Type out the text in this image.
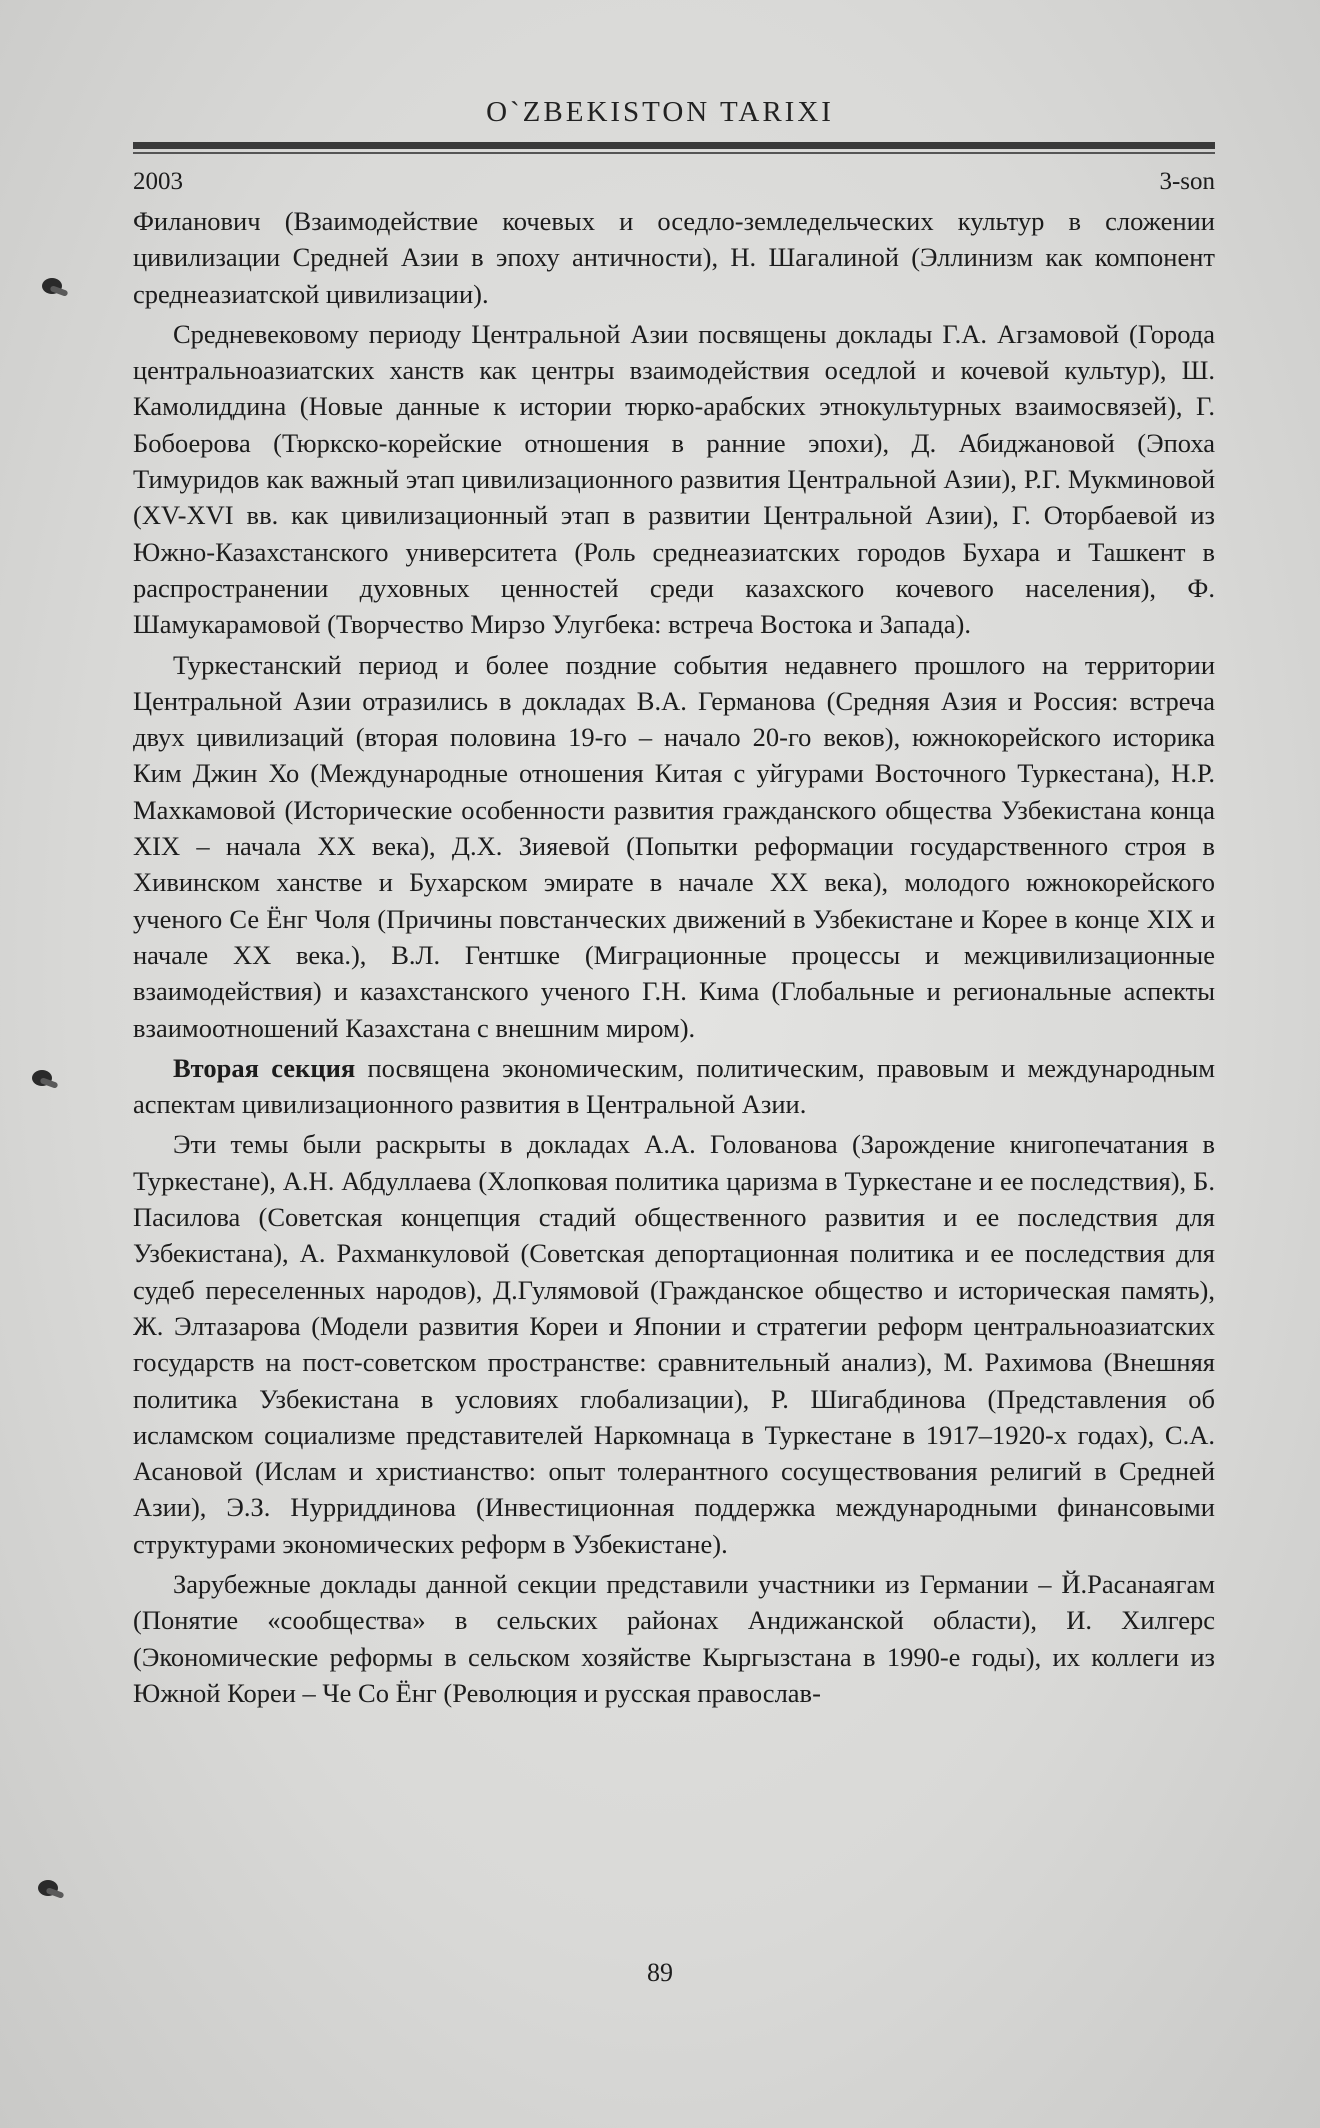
O`ZBEKISTON TARIXI
2003	3-son

Филанович (Взаимодействие кочевых и оседло-земледельческих культур в сложении цивилизации Средней Азии в эпоху античности), Н. Шагалиной (Эллинизм как компонент среднеазиатской цивилизации).

Средневековому периоду Центральной Азии посвящены доклады Г.А. Агзамовой (Города центральноазиатских ханств как центры взаимодействия оседлой и кочевой культур), Ш. Камолиддина (Новые данные к истории тюрко-арабских этнокультурных взаимосвязей), Г. Бобоерова (Тюркско-корейские отношения в ранние эпохи), Д. Абиджановой (Эпоха Тимуридов как важный этап цивилизационного развития Центральной Азии), Р.Г. Мукминовой (XV-XVI вв. как цивилизационный этап в развитии Центральной Азии), Г. Оторбаевой из Южно-Казахстанского университета (Роль среднеазиатских городов Бухара и Ташкент в распространении духовных ценностей среди казахского кочевого населения), Ф. Шамукарамовой (Творчество Мирзо Улугбека: встреча Востока и Запада).

Туркестанский период и более поздние события недавнего прошлого на территории Центральной Азии отразились в докладах В.А. Германова (Средняя Азия и Россия: встреча двух цивилизаций (вторая половина 19-го – начало 20-го веков), южнокорейского историка Ким Джин Хо (Международные отношения Китая с уйгурами Восточного Туркестана), Н.Р. Махкамовой (Исторические особенности развития гражданского общества Узбекистана конца XIX – начала XX века), Д.Х. Зияевой (Попытки реформации государственного строя в Хивинском ханстве и Бухарском эмирате в начале XX века), молодого южнокорейского ученого Се Ёнг Чоля (Причины повстанческих движений в Узбекистане и Корее в конце XIX и начале XX века.), В.Л. Гентшке (Миграционные процессы и межцивилизационные взаимодействия) и казахстанского ученого Г.Н. Кима (Глобальные и региональные аспекты взаимоотношений Казахстана с внешним миром).

Вторая секция посвящена экономическим, политическим, правовым и международным аспектам цивилизационного развития в Центральной Азии.

Эти темы были раскрыты в докладах А.А. Голованова (Зарождение книгопечатания в Туркестане), А.Н. Абдуллаева (Хлопковая политика царизма в Туркестане и ее последствия), Б. Пасилова (Советская концепция стадий общественного развития и ее последствия для Узбекистана), А. Рахманкуловой (Советская депортационная политика и ее последствия для судеб переселенных народов), Д.Гулямовой (Гражданское общество и историческая память), Ж. Элтазарова (Модели развития Кореи и Японии и стратегии реформ центральноазиатских государств на пост-советском пространстве: сравнительный анализ), М. Рахимова (Внешняя политика Узбекистана в условиях глобализации), Р. Шигабдинова (Представления об исламском социализме представителей Наркомнаца в Туркестане в 1917–1920-х годах), С.А. Асановой (Ислам и христианство: опыт толерантного сосуществования религий в Средней Азии), Э.З. Нурриддинова (Инвестиционная поддержка международными финансовыми структурами экономических реформ в Узбекистане).

Зарубежные доклады данной секции представили участники из Германии – Й.Расанаягам (Понятие «сообщества» в сельских районах Андижанской области), И. Хилгерс (Экономические реформы в сельском хозяйстве Кыргызстана в 1990-е годы), их коллеги из Южной Кореи – Че Со Ёнг (Революция и русская православ-

89
